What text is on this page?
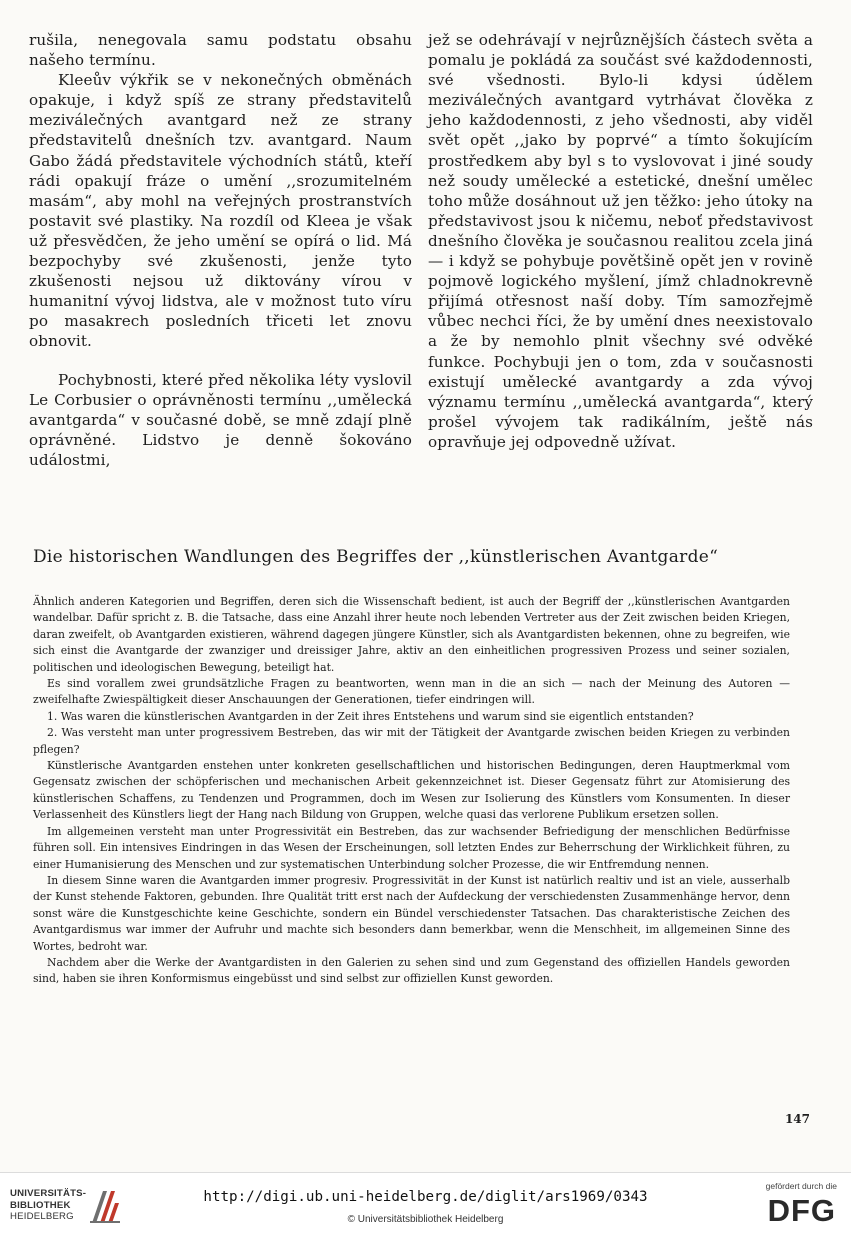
rušila, nenegovala samu podstatu obsahu našeho termínu.

Kleeův výkřik se v nekonečných obměnách opakuje, i když spíš ze strany představitelů meziválečných avantgard než ze strany představitelů dnešních tzv. avantgard. Naum Gabo žádá představitele východních států, kteří rádi opakují fráze o umění ,,srozumitelném masám“, aby mohl na veřejných prostranstvích postavit své plastiky. Na rozdíl od Kleea je však už přesvědčen, že jeho umění se opírá o lid. Má bezpochyby své zkušenosti, jenže tyto zkušenosti nejsou už diktovány vírou v humanitní vývoj lidstva, ale v možnost tuto víru po masakrech posledních třiceti let znovu obnovit.

Pochybnosti, které před několika léty vyslovil Le Corbusier o oprávněnosti termínu ,,umělecká avantgarda“ v současné době, se mně zdají plně oprávněné. Lidstvo je denně šokováno událostmi,

jež se odehrávají v nejrůznějších částech světa a pomalu je pokládá za součást své každodennosti, své všednosti. Bylo-li kdysi údělem meziválečných avantgard vytrhávat člověka z jeho každodennosti, z jeho všednosti, aby viděl svět opět ,,jako by poprvé“ a tímto šokujícím prostředkem aby byl s to vyslovovat i jiné soudy než soudy umělecké a estetické, dnešní umělec toho může dosáhnout už jen těžko: jeho útoky na představivost jsou k ničemu, neboť představivost dnešního člověka je současnou realitou zcela jiná — i když se pohybuje povětšině opět jen v rovině pojmově logického myšlení, jímž chladnokrevně přijímá otřesnost naší doby. Tím samozřejmě vůbec nechci říci, že by umění dnes neexistovalo a že by nemohlo plnit všechny své odvěké funkce. Pochybuji jen o tom, zda v současnosti existují umělecké avantgardy a zda vývoj významu termínu ,,umělecká avantgarda“, který prošel vývojem tak radikálním, ještě nás opravňuje jej odpovedně užívat.

Die historischen Wandlungen des Begriffes der ,,künstlerischen Avantgarde“

Ähnlich anderen Kategorien und Begriffen, deren sich die Wissenschaft bedient, ist auch der Begriff der ,,künstlerischen Avantgarden wandelbar. Dafür spricht z. B. die Tatsache, dass eine Anzahl ihrer heute noch lebenden Vertreter aus der Zeit zwischen beiden Kriegen, daran zweifelt, ob Avantgarden existieren, während dagegen jüngere Künstler, sich als Avantgardisten bekennen, ohne zu begreifen, wie sich einst die Avantgarde der zwanziger und dreissiger Jahre, aktiv an den einheitlichen progressiven Prozess und seiner sozialen, politischen und ideologischen Bewegung, beteiligt hat.

Es sind vorallem zwei grundsätzliche Fragen zu beantworten, wenn man in die an sich — nach der Meinung des Autoren — zweifelhafte Zwiespältigkeit dieser Anschauungen der Generationen, tiefer eindringen will.

1. Was waren die künstlerischen Avantgarden in der Zeit ihres Entstehens und warum sind sie eigentlich entstanden?

2. Was versteht man unter progressivem Bestreben, das wir mit der Tätigkeit der Avantgarde zwischen beiden Kriegen zu verbinden pflegen?

Künstlerische Avantgarden enstehen unter konkreten gesellschaftlichen und historischen Bedingungen, deren Hauptmerkmal vom Gegensatz zwischen der schöpferischen und mechanischen Arbeit gekennzeichnet ist. Dieser Gegensatz führt zur Atomisierung des künstlerischen Schaffens, zu Tendenzen und Programmen, doch im Wesen zur Isolierung des Künstlers vom Konsumenten. In dieser Verlassenheit des Künstlers liegt der Hang nach Bildung von Gruppen, welche quasi das verlorene Publikum ersetzen sollen.

Im allgemeinen versteht man unter Progressivität ein Bestreben, das zur wachsender Befriedigung der menschlichen Bedürfnisse führen soll. Ein intensives Eindringen in das Wesen der Erscheinungen, soll letzten Endes zur Beherrschung der Wirklichkeit führen, zu einer Humanisierung des Menschen und zur systematischen Unterbindung solcher Prozesse, die wir Entfremdung nennen.

In diesem Sinne waren die Avantgarden immer progresiv. Progressivität in der Kunst ist natürlich realtiv und ist an viele, ausserhalb der Kunst stehende Faktoren, gebunden. Ihre Qualität tritt erst nach der Aufdeckung der verschiedensten Zusammenhänge hervor, denn sonst wäre die Kunstgeschichte keine Geschichte, sondern ein Bündel verschiedenster Tatsachen. Das charakteristische Zeichen des Avantgardismus war immer der Aufruhr und machte sich besonders dann bemerkbar, wenn die Menschheit, im allgemeinen Sinne des Wortes, bedroht war.

Nachdem aber die Werke der Avantgardisten in den Galerien zu sehen sind und zum Gegenstand des offiziellen Handels geworden sind, haben sie ihren Konformismus eingebüsst und sind selbst zur offiziellen Kunst geworden.

147
UNIVERSITÄTS-
BIBLIOTHEK
HEIDELBERG
http://digi.ub.uni-heidelberg.de/diglit/ars1969/0343
© Universitätsbibliothek Heidelberg
gefördert durch die
DFG
